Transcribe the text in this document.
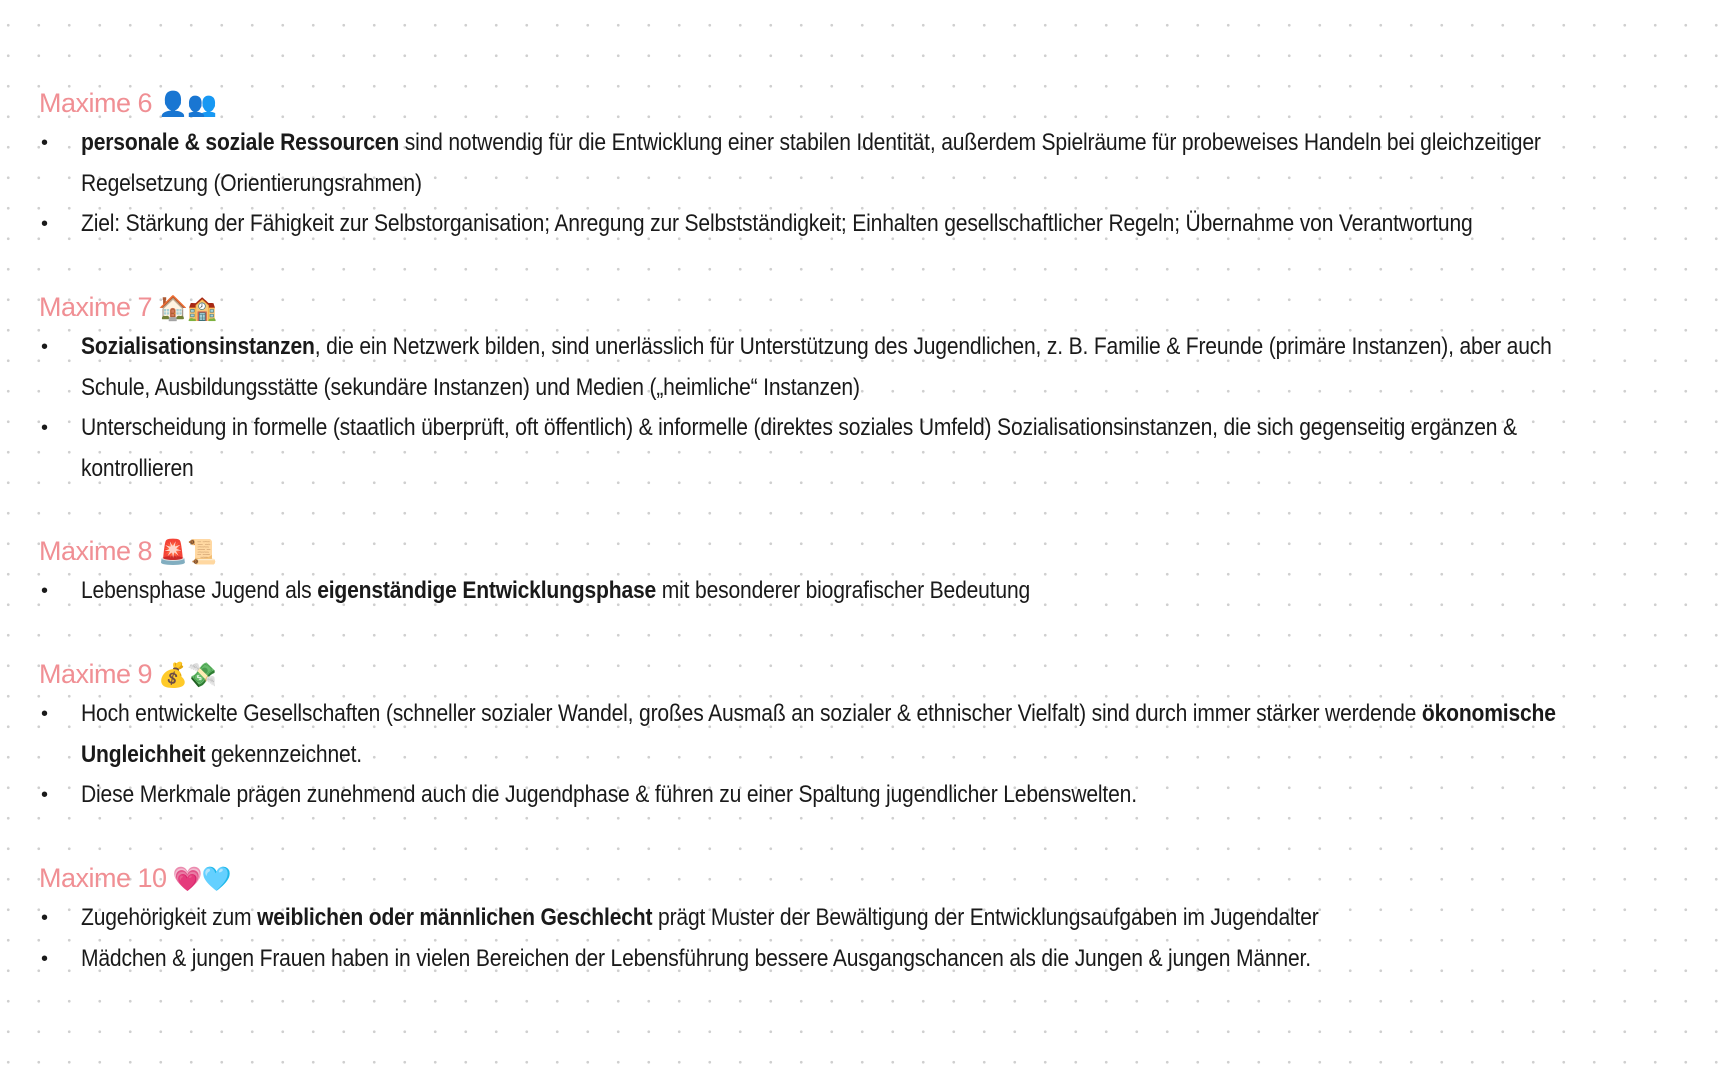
Maxime 6 👤👥
• personale & soziale Ressourcen sind notwendig für die Entwicklung einer stabilen Identität, außerdem Spielräume für probeweises Handeln bei gleichzeitiger
Regelsetzung (Orientierungsrahmen)
• Ziel: Stärkung der Fähigkeit zur Selbstorganisation; Anregung zur Selbstständigkeit; Einhalten gesellschaftlicher Regeln; Übernahme von Verantwortung
Maxime 7 🏠🏫
• Sozialisationsinstanzen, die ein Netzwerk bilden, sind unerlässlich für Unterstützung des Jugendlichen, z. B. Familie & Freunde (primäre Instanzen), aber auch
Schule, Ausbildungsstätte (sekundäre Instanzen) und Medien („heimliche“ Instanzen)
• Unterscheidung in formelle (staatlich überprüft, oft öffentlich) & informelle (direktes soziales Umfeld) Sozialisationsinstanzen, die sich gegenseitig ergänzen &
kontrollieren
Maxime 8 🚨📜
• Lebensphase Jugend als eigenständige Entwicklungsphase mit besonderer biografischer Bedeutung
Maxime 9 💰💸
• Hoch entwickelte Gesellschaften (schneller sozialer Wandel, großes Ausmaß an sozialer & ethnischer Vielfalt) sind durch immer stärker werdende ökonomische
Ungleichheit gekennzeichnet.
• Diese Merkmale prägen zunehmend auch die Jugendphase & führen zu einer Spaltung jugendlicher Lebenswelten.
Maxime 10 💗🩵
• Zugehörigkeit zum weiblichen oder männlichen Geschlecht prägt Muster der Bewältigung der Entwicklungsaufgaben im Jugendalter
• Mädchen & jungen Frauen haben in vielen Bereichen der Lebensführung bessere Ausgangschancen als die Jungen & jungen Männer.
